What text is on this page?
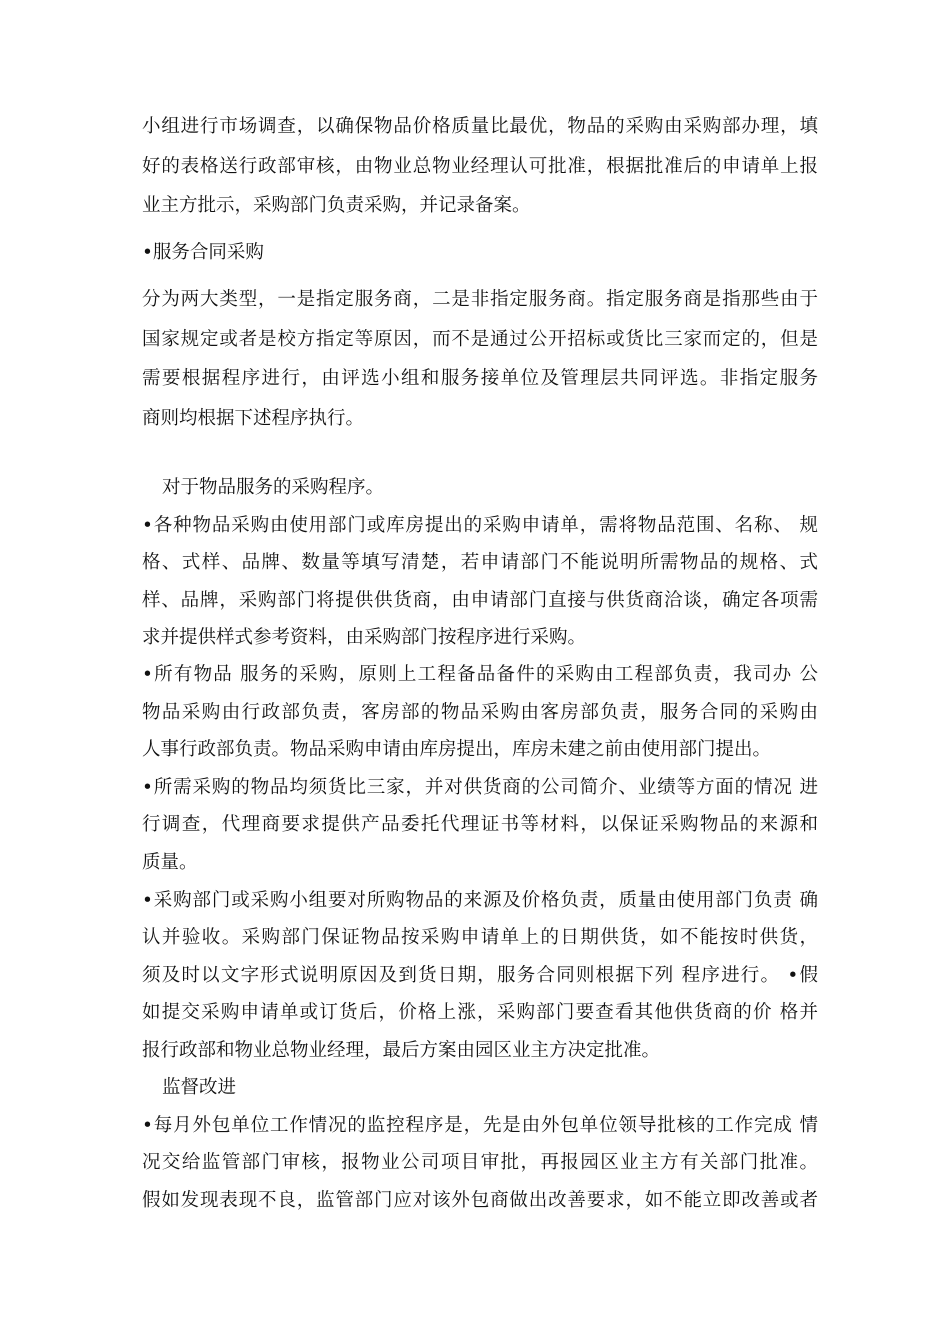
小组进行市场调查，以确保物品价格质量比最优，物品的采购由采购部办理，填
好的表格送行政部审核，由物业总物业经理认可批准，根据批准后的申请单上报
业主方批示，采购部门负责采购，并记录备案。
•服务合同采购
分为两大类型，一是指定服务商，二是非指定服务商。指定服务商是指那些由于
国家规定或者是校方指定等原因，而不是通过公开招标或货比三家而定的，但是
需要根据程序进行，由评选小组和服务接单位及管理层共同评选。非指定服务
商则均根据下述程序执行。
对于物品服务的采购程序。
•各种物品采购由使用部门或库房提出的采购申请单，需将物品范围、名称、 规
格、式样、品牌、数量等填写清楚，若申请部门不能说明所需物品的规格、式
样、品牌，采购部门将提供供货商，由申请部门直接与供货商洽谈，确定各项需
求并提供样式参考资料，由采购部门按程序进行采购。
•所有物品 服务的采购，原则上工程备品备件的采购由工程部负责，我司办 公
物品采购由行政部负责，客房部的物品采购由客房部负责，服务合同的采购由
人事行政部负责。物品采购申请由库房提出，库房未建之前由使用部门提出。
•所需采购的物品均须货比三家，并对供货商的公司简介、业绩等方面的情况 进
行调查，代理商要求提供产品委托代理证书等材料，以保证采购物品的来源和
质量。
•采购部门或采购小组要对所购物品的来源及价格负责，质量由使用部门负责 确
认并验收。采购部门保证物品按采购申请单上的日期供货，如不能按时供货，
须及时以文字形式说明原因及到货日期，服务合同则根据下列 程序进行。 •假
如提交采购申请单或订货后，价格上涨，采购部门要查看其他供货商的价 格并
报行政部和物业总物业经理，最后方案由园区业主方决定批准。
监督改进
•每月外包单位工作情况的监控程序是，先是由外包单位领导批核的工作完成 情
况交给监管部门审核，报物业公司项目审批，再报园区业主方有关部门批准。
假如发现表现不良，监管部门应对该外包商做出改善要求，如不能立即改善或者
